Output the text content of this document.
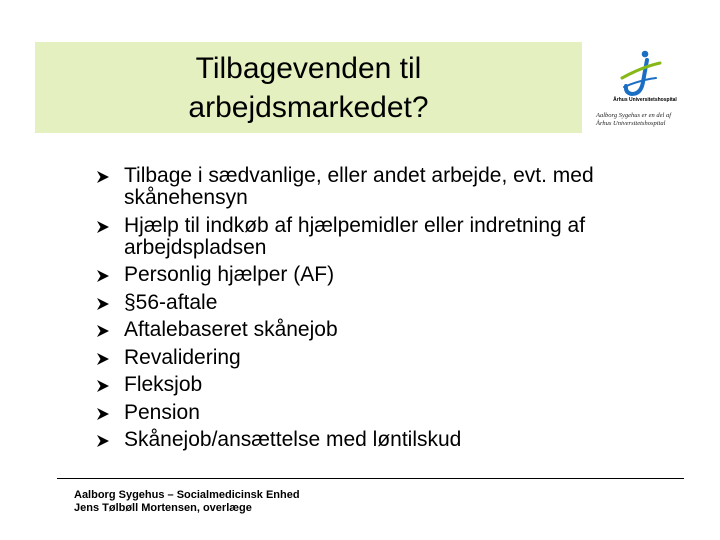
Tilbagevenden til
arbejdsmarkedet?	Århus Universitetshospital
Aalborg Sygehus er en del af
Århus Universitetshospital
Tilbage i sædvanlige, eller andet arbejde, evt. med skånehensyn
Hjælp til indkøb af hjælpemidler eller indretning af arbejdspladsen
Personlig hjælper (AF)
§56-aftale
Aftalebaseret skånejob
Revalidering
Fleksjob
Pension
Skånejob/ansættelse med løntilskud
Aalborg Sygehus – Socialmedicinsk Enhed
Jens Tølbøll Mortensen, overlæge
